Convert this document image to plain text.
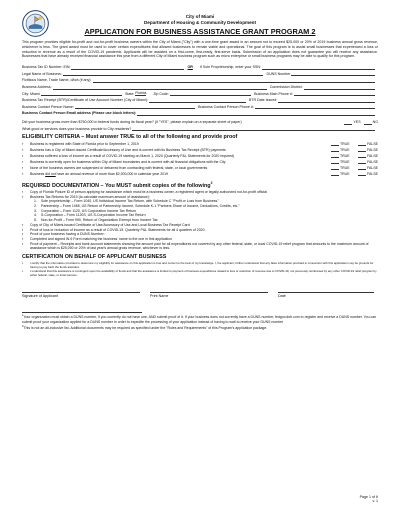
City of Miami
Department of Housing & Community Development
APPLICATION FOR BUSINESS ASSISTANCE GRANT PROGRAM 2
This program provides eligible for-profit and not-for-profit business owners within the City of Miami ("City") with a one-time grant award in an amount not to exceed $25,000 or 20% of 2019 business annual gross revenue, whichever is less. The grant award must be used to cover certain expenditures that allowed businesses to remain viable and operational. The goal of this program is to assist small businesses that experienced a loss or reduction in revenue as a result of the COVID-19 pandemic. Applicants will be assisted on a first-come, first-ready, first-serve basis. Submission of an application does not guarantee you will receive any assistance. Businesses that have already received financial assistance this year from a different City of Miami business program such as micro enterprise or small business programs may be able to qualify for this program.
Business Tax ID Number: EIN:	OR If Sole Proprietorship, enter your SSN:
Legal Name of Business:	DUNS Number
Fictitious Name, Trade Name, d/b/a (if any):
Business Address:	Commission District:
City: Miami	State: Florida Zip Code:	Business Main Phone #:
Business Tax Receipt (BTR)/Certificate of Use Account Number (City of Miami):	BTR Date Issued:
Business Contact Person Name:	Business Contact Person Phone #:
Business Contact Person Email address (Please use block letters):
Did your business gross more than $750,000 in federal funds during its fiscal year? (if "YES", please explain on a separate sheet of paper)	YES	NO
What good or services does your business provide to City residents?
ELIGIBILITY CRITERIA – Must answer TRUE to all of the following and provide proof
▪	Business is registered with State of Florida prior to September 1, 2019	TRUE	FALSE
▪	Business has a City of Miami-issued Certificate/Accessory of Use and is current with its Business Tax Receipt (BTR) payments	TRUE	FALSE
▪	Business suffered a loss of income as a result of COVID-19 starting on March 1, 2020 (Quarterly P&L Statements for 2020 required)	TRUE	FALSE
▪	Business is currently open for business within City of Miami boundaries and is current with all financial obligations with the City	TRUE	FALSE
▪	None of the business owners are suspended or debarred from contracting with federal, state, or local governments	TRUE	FALSE
▪	Business did not have an annual revenue of more than $2,000,000 in calendar year 2019	TRUE	FALSE
REQUIRED DOCUMENTATION – You MUST submit copies of the following$^2$
▪	Copy of Florida Picture ID of person applying for assistance which must be a business owner, a registered agent or legally authorized not-for-profit official
▪	Business Tax Returns for 2019 (to calculate maximum amount of assistance):
1.	Sole proprietorship – Form 1040, US Individual Income Tax Return, with Schedule C "Profit or Loss from Business"
2.	Partnership – Form 1065, US Return of Partnership Income, Schedule K-1 "Partners Share of Income, Deductions, Credits, etc."
3.	Corporation – Form 1120, US Corporation Income Tax Return
4.	S-Corporation – Form 1120S, US S-Corporation Income Tax Return
5.	Non-for-Profit – Form 990, Return of Organization Exempt from Income Tax
▪	Copy of City of Miami-issued Certificate of Use/Accessory of Use and Local Business Tax Receipt Card
▪	Proof of loss or reduction of income as a result of COVID-19: Quarterly P&L Statements for all 4 quarters of 2020.
▪	Proof of your business having a DUNS Number¹
▪	Completed and signed W-9 Form matching the business' name to the one in this application
▪	Proof of payment – Receipts and bank account statements showing the amount paid for all expenditures not covered by any other federal, state, or local COVID-19 relief program that amounts to the maximum amount of assistance which is $25,000 or 20% of last year's annual gross revenue, whichever is less.
CERTIFICATION ON BEHALF OF APPLICANT BUSINESS
▪	I certify that the information provided to determine my eligibility for assistance on this application is true and correct to the best of my knowledge. I, the applicant, further understand that any false information provided in connection with this application may be grounds for having to pay back the funds awarded.
▪	I understand that this assistance is contingent upon the availability of funds and that the assistance is limited to payment of business expenditures related to loss or reduction of revenue due to COVID-19, not previously reimbursed by any other COVID-19 relief program by either federal, state, or local sources.
Signature of Applicant	Print Name	Date
$^1$Your organization must obtain a DUNS number, if you currently do not have one, AND submit proof of it. If your business does not currently have a DUNS number, fedgov.dnb.com to register and receive a DUNS number. You can submit proof your organization applied for a DUNS number in order to expedite the processing of your application instead of having to wait to receive your DUNS number
$^2$This is not an all-inclusive list. Additional documents may be required as specified under the "Rules and Requirements" of this Program's application package.
Page 1 of 6
v. 1
